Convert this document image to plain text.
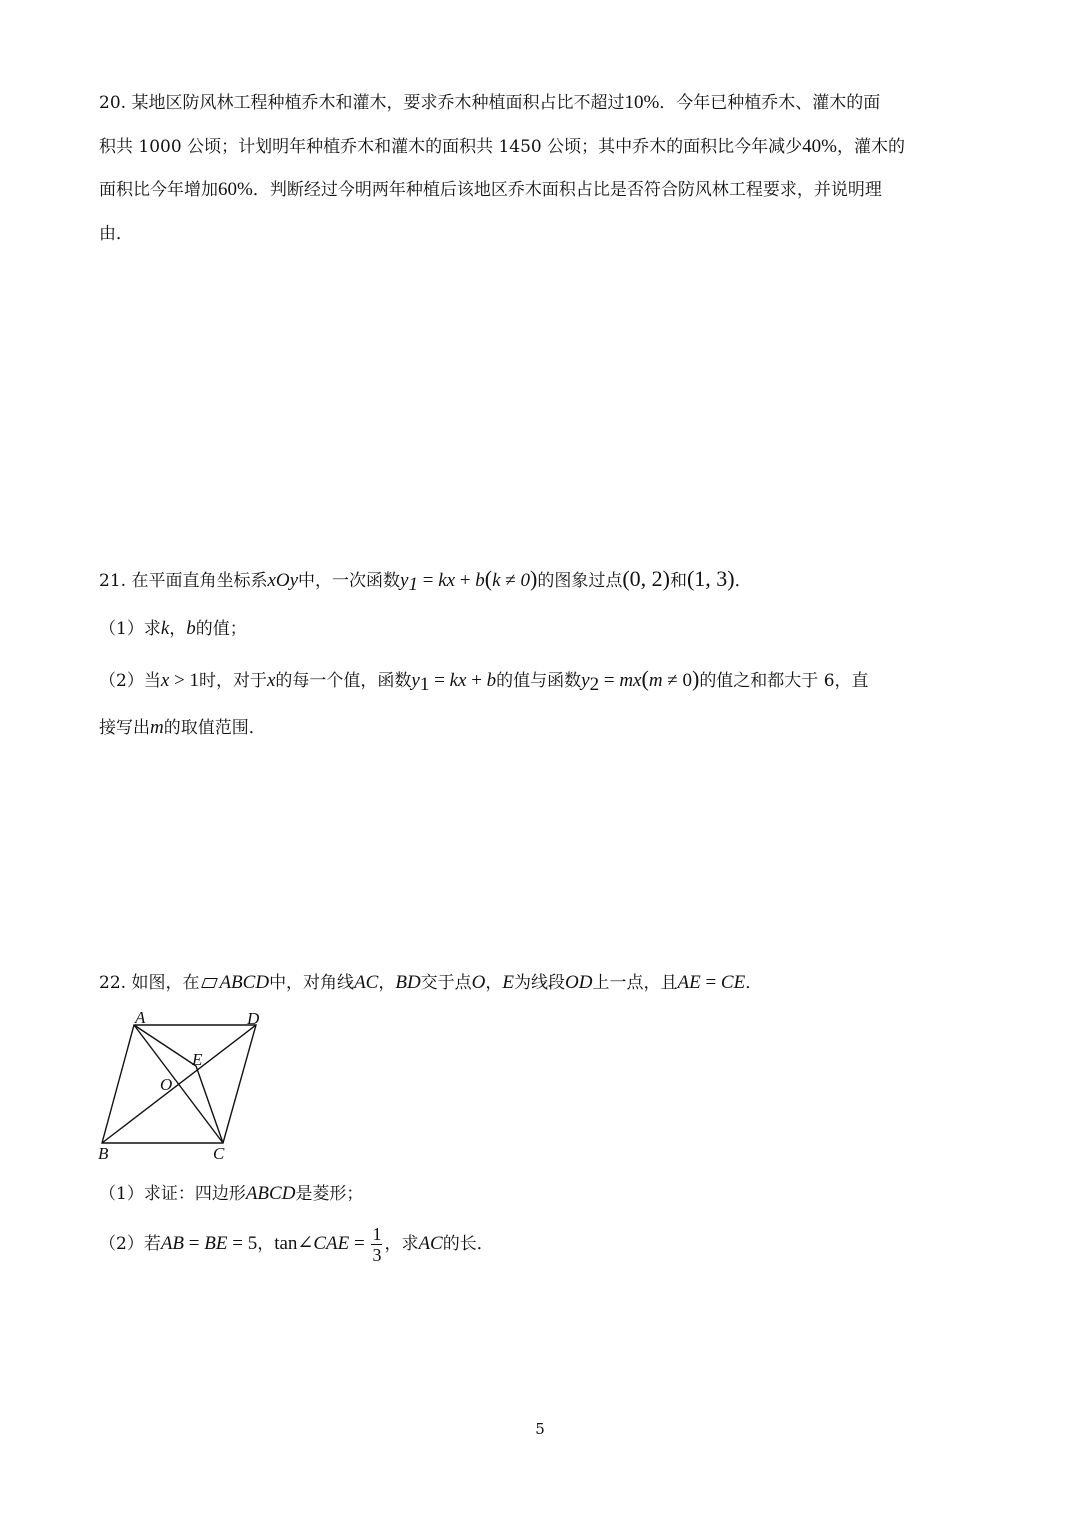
20. 某地区防风林工程种植乔木和灌木，要求乔木种植面积占比不超过10%．今年已种植乔木、灌木的面
积共 1000 公顷；计划明年种植乔木和灌木的面积共 1450 公顷；其中乔木的面积比今年减少40%，灌木的
面积比今年增加60%．判断经过今明两年种植后该地区乔木面积占比是否符合防风林工程要求，并说明理
由．
21. 在平面直角坐标系xOy中，一次函数$y_1$ = kx + b(k ≠ 0)的图象过点(0, 2)和(1, 3)．
（1）求k，b的值；
（2）当x > 1时，对于x的每一个值，函数$y_1$ = kx + b的值与函数$y_2 = mx(m \ne 0)$的值之和都大于 6，直
接写出m的取值范围．
22. 如图，在 ABCD中，对角线AC，BD交于点O，E为线段OD上一点，且AE = CE．
A	D
E
O
B	C
（1）求证：四边形ABCD是菱形；
（2）若AB = BE = 5，tan∠CAE = $\frac{1}{3}$ ，求AC的长．
5
